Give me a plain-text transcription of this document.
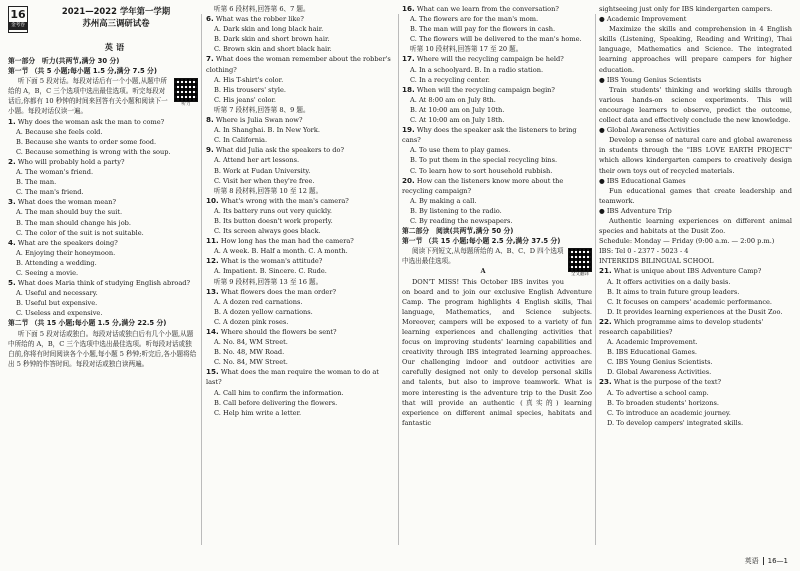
16
金考卷
2021—2022 学年第一学期
苏州高三调研试卷
英语

第一部分　听力(共两节,满分 30 分)

第一节 （共 5 小题;每小题 1.5 分,满分 7.5 分)

听力

听下面 5 段对话。每段对话后有一个小题,从题中所给的 A，B，C 三个选项中选出最佳选项。听完每段对话后,你都有 10 秒钟的时间来回答有关小题和阅读下一小题。每段对话仅读一遍。

1. Why does the woman ask the man to come?

A. Because she feels cold.

B. Because she wants to order some food.

C. Because something is wrong with the soup.

2. Who will probably hold a party?

A. The woman's friend.

B. The man.

C. The man's friend.

3. What does the woman mean?

A. The man should buy the suit.

B. The man should change his job.

C. The color of the suit is not suitable.

4. What are the speakers doing?

A. Enjoying their honeymoon.

B. Attending a wedding.

C. Seeing a movie.

5. What does Maria think of studying English abroad?

A. Useful and necessary.

B. Useful but expensive.

C. Useless and expensive.

第二节 （共 15 小题;每小题 1.5 分,满分 22.5 分)

听下面 5 段对话或独白。每段对话或独白后有几个小题,从题中所给的 A，B，C 三个选项中选出最佳选项。听每段对话或独白前,你将有时间阅读各个小题,每小题 5 秒钟;听完后,各小题将给出 5 秒钟的作答时间。每段对话或独白读两遍。

听第 6 段材料,回答第 6、7 题。

6. What was the robber like?

A. Dark skin and long black hair.

B. Dark skin and short brown hair.

C. Brown skin and short black hair.

7. What does the woman remember about the robber's clothing?

A. His T-shirt's color.

B. His trousers' style.

C. His jeans' color.

听第 7 段材料,回答第 8、9 题。

8. Where is Julia Swan now?

A. In Shanghai. B. In New York.

C. In California.

9. What did Julia ask the speakers to do?

A. Attend her art lessons.

B. Work at Fudan University.

C. Visit her when they're free.

听第 8 段材料,回答第 10 至 12 题。

10. What's wrong with the man's camera?

A. Its battery runs out very quickly.

B. Its button doesn't work properly.

C. Its screen always goes black.

11. How long has the man had the camera?

A. A week. B. Half a month. C. A month.

12. What is the woman's attitude?

A. Impatient. B. Sincere. C. Rude.

听第 9 段材料,回答第 13 至 16 题。

13. What flowers does the man order?

A. A dozen red carnations.

B. A dozen yellow carnations.

C. A dozen pink roses.

14. Where should the flowers be sent?

A. No. 84, WM Street.

B. No. 48, MW Road.

C. No. 84, MW Street.

15. What does the man require the woman to do at last?

A. Call him to confirm the information.

B. Call before delivering the flowers.

C. Help him write a letter.

16. What can we learn from the conversation?

A. The flowers are for the man's mom.

B. The man will pay for the flowers in cash.

C. The flowers will be delivered to the man's home.

听第 10 段材料,回答第 17 至 20 题。

17. Where will the recycling campaign be held?

A. In a schoolyard. B. In a radio station.

C. In a recycling center.

18. When will the recycling campaign begin?

A. At 8:00 am on July 8th.

B. At 10:00 am on July 10th.

C. At 10:00 am on July 18th.

19. Why does the speaker ask the listeners to bring cans?

A. To use them to play games.

B. To put them in the special recycling bins.

C. To learn how to sort household rubbish.

20. How can the listeners know more about the recycling campaign?

A. By making a call.

B. By listening to the radio.

C. By reading the newspapers.

第二部分　阅读(共两节,满分 50 分)

第一节 （共 15 小题;每小题 2.5 分,满分 37.5 分)

全文翻译

阅读下列短文,从每题所给的 A、B、C、D 四个选项中选出最佳选项。

A

DON'T MISS! This October IBS invites you on board and to join our exclusive English Adventure Camp. The program highlights 4 English skills, Thai language, Mathematics, and Science subjects. Moreover, campers will be exposed to a variety of fun learning experiences and challenging activities that focus on improving students' learning capabilities and creativity through IBS integrated learning approaches. Our challenging indoor and outdoor activities are carefully designed not only to develop personal skills and talents, but also to improve teamwork. What is more interesting is the adventure trip to the Dusit Zoo that will provide an authentic (真实的) learning experience on different animal species, habitats and fantastic

sightseeing just only for IBS kindergarten campers.

● Academic Improvement

Maximize the skills and comprehension in 4 English skills (Listening, Speaking, Reading and Writing), Thai language, Mathematics and Science. The integrated learning approaches will prepare campers for higher education.

● IBS Young Genius Scientists

Train students' thinking and working skills through various hands-on science experiments. This will encourage learners to observe, predict the outcome, collect data and effectively conclude the new knowledge.

● Global Awareness Activities

Develop a sense of natural care and global awareness in students through the "IBS LOVE EARTH PROJECT" which allows kindergarten campers to creatively design their own toys out of recycled materials.

● IBS Educational Games

Fun educational games that create leadership and teamwork.

● IBS Adventure Trip

Authentic learning experiences on different animal species and habitats at the Dusit Zoo.

Schedule: Monday — Friday (9:00 a.m. — 2:00 p.m.)

IBS: Tel 0 - 2377 - 5023 - 4

INTERKIDS BILINGUAL SCHOOL

21. What is unique about IBS Adventure Camp?

A. It offers activities on a daily basis.

B. It aims to train future group leaders.

C. It focuses on campers' academic performance.

D. It provides learning experiences at the Dusit Zoo.

22. Which programme aims to develop students' research capabilities?

A. Academic Improvement.

B. IBS Educational Games.

C. IBS Young Genius Scientists.

D. Global Awareness Activities.

23. What is the purpose of the text?

A. To advertise a school camp.

B. To broaden students' horizons.

C. To introduce an academic journey.

D. To develop campers' integrated skills.

英语 16—1
